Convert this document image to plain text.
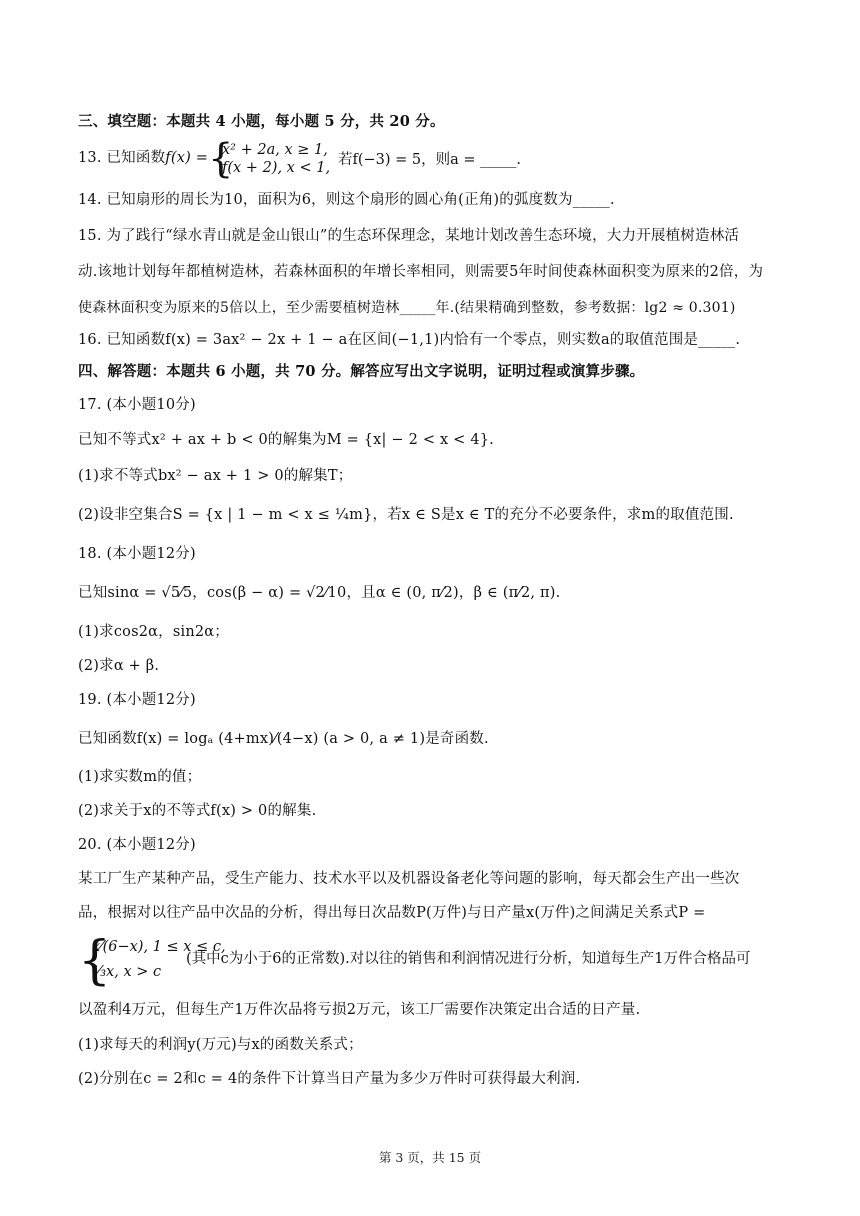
三、填空题：本题共 4 小题，每小题 5 分，共 20 分。
13. 已知函数f(x) = {
x² + 2a, x ≥ 1,
f(x + 2), x < 1, 若f(−3) = 5，则a = _____.
14. 已知扇形的周长为10，面积为6，则这个扇形的圆心角(正角)的弧度数为_____.
15. 为了践行“绿水青山就是金山银山”的生态环保理念，某地计划改善生态环境，大力开展植树造林活
动.该地计划每年都植树造林，若森林面积的年增长率相同，则需要5年时间使森林面积变为原来的2倍，为
使森林面积变为原来的5倍以上，至少需要植树造林_____年.(结果精确到整数，参考数据：lg2 ≈ 0.301)
16. 已知函数f(x) = 3ax² − 2x + 1 − a在区间(−1,1)内恰有一个零点，则实数a的取值范围是_____.
四、解答题：本题共 6 小题，共 70 分。解答应写出文字说明，证明过程或演算步骤。
17. (本小题10分)
已知不等式x² + ax + b < 0的解集为M = {x| − 2 < x < 4}.
(1)求不等式bx² − ax + 1 > 0的解集T；
(2)设非空集合S = {x | 1 − m < x ≤ ¼m}，若x ∈ S是x ∈ T的充分不必要条件，求m的取值范围.
18. (本小题12分)
已知sinα = √5⁄5，cos(β − α) = √2⁄10，且α ∈ (0, π⁄2)，β ∈ (π⁄2, π).
(1)求cos2α，sin2α；
(2)求α + β.
19. (本小题12分)
已知函数f(x) = logₐ (4+mx)⁄(4−x) (a > 0, a ≠ 1)是奇函数.
(1)求实数m的值；
(2)求关于x的不等式f(x) > 0的解集.
20. (本小题12分)
某工厂生产某种产品，受生产能力、技术水平以及机器设备老化等问题的影响，每天都会生产出一些次
品，根据对以往产品中次品的分析，得出每日次品数P(万件)与日产量x(万件)之间满足关系式P =
{
x⁄(6−x), 1 ≤ x ≤ c,
⅔x, x > c
(其中c为小于6的正常数).对以往的销售和利润情况进行分析，知道每生产1万件合格品可
以盈利4万元，但每生产1万件次品将亏损2万元，该工厂需要作决策定出合适的日产量.
(1)求每天的利润y(万元)与x的函数关系式；
(2)分别在c = 2和c = 4的条件下计算当日产量为多少万件时可获得最大利润.
第 3 页，共 15 页
